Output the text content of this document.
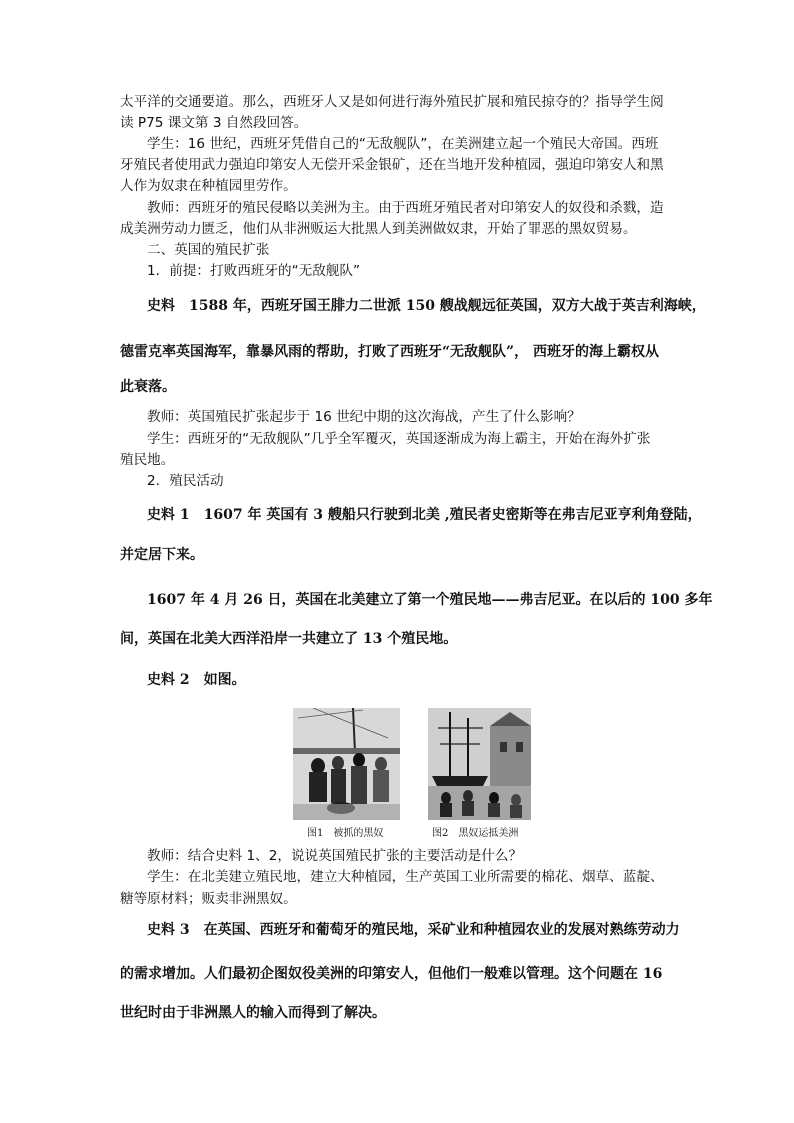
太平洋的交通要道。那么，西班牙人又是如何进行海外殖民扩展和殖民掠夺的？指导学生阅
读 P75 课文第 3 自然段回答。
学生：16 世纪，西班牙凭借自己的“无敌舰队”，在美洲建立起一个殖民大帝国。西班
牙殖民者使用武力强迫印第安人无偿开采金银矿，还在当地开发种植园，强迫印第安人和黑
人作为奴隶在种植园里劳作。
教师：西班牙的殖民侵略以美洲为主。由于西班牙殖民者对印第安人的奴役和杀戮，造
成美洲劳动力匮乏，他们从非洲贩运大批黑人到美洲做奴隶，开始了罪恶的黑奴贸易。
二、英国的殖民扩张
1．前提：打败西班牙的“无敌舰队”
史料　 1588 年，西班牙国王腓力二世派 150 艘战舰远征英国，双方大战于英吉利海峡，
德雷克率英国海军，靠暴风雨的帮助，打败了西班牙“无敌舰队”， 西班牙的海上霸权从
此衰落。
教师：英国殖民扩张起步于 16 世纪中期的这次海战，产生了什么影响？
学生：西班牙的“无敌舰队”几乎全军覆灭，英国逐渐成为海上霸主，开始在海外扩张
殖民地。
2．殖民活动
史料 1　 1607 年 英国有 3 艘船只行驶到北美 ,殖民者史密斯等在弗吉尼亚亨利角登陆，
并定居下来。
1607 年 4 月 26 日，英国在北美建立了第一个殖民地——弗吉尼亚。在以后的 100 多年
间，英国在北美大西洋沿岸一共建立了 13 个殖民地。
史料 2　 如图。
图1　被抓的黑奴	图2　黑奴运抵美洲
教师：结合史料 1、2，说说英国殖民扩张的主要活动是什么？
学生：在北美建立殖民地，建立大种植园，生产英国工业所需要的棉花、烟草、蓝靛、
糖等原材料；贩卖非洲黑奴。
史料 3　 在英国、西班牙和葡萄牙的殖民地，采矿业和种植园农业的发展对熟练劳动力
的需求增加。人们最初企图奴役美洲的印第安人，但他们一般难以管理。这个问题在 16
世纪时由于非洲黑人的输入而得到了解决。
